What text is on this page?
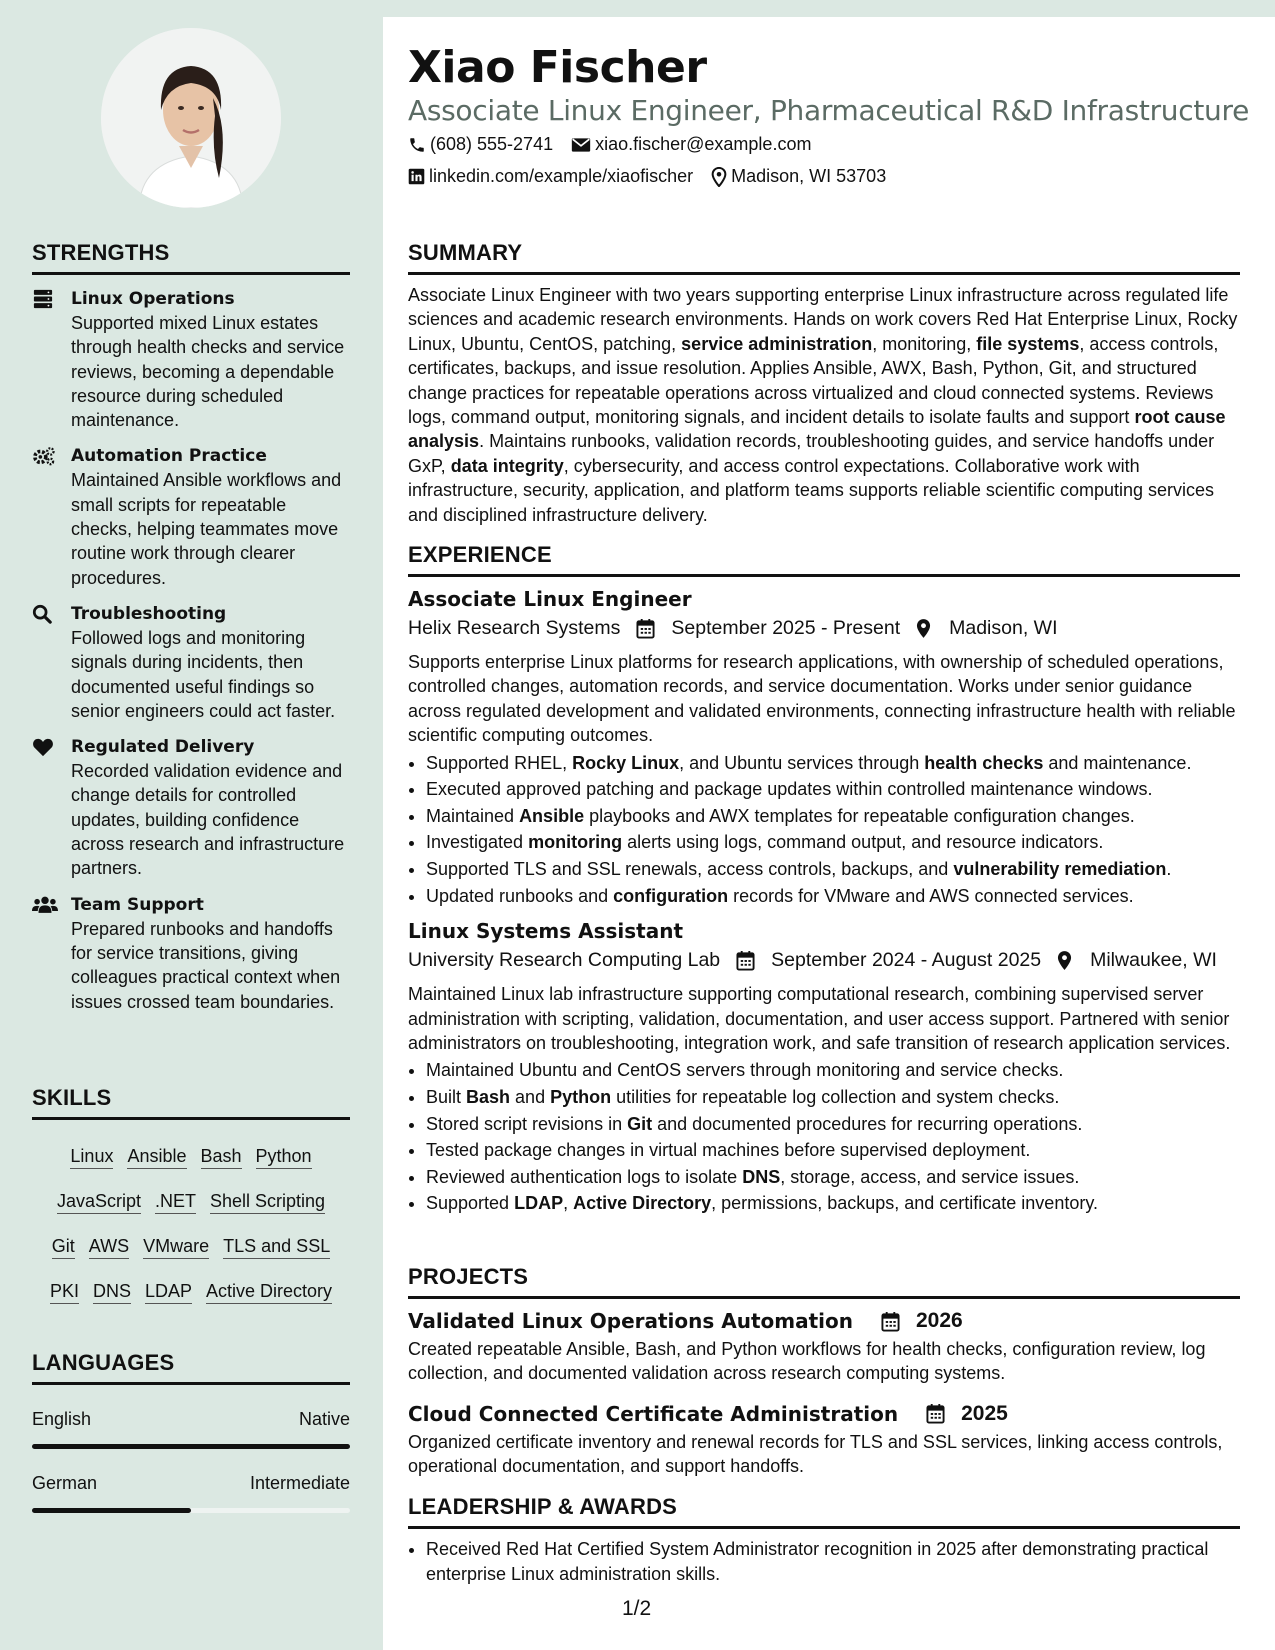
STRENGTHS
Linux Operations
Supported mixed Linux estates through health checks and service reviews, becoming a dependable resource during scheduled maintenance.
Automation Practice
Maintained Ansible workflows and small scripts for repeatable checks, helping teammates move routine work through clearer procedures.
Troubleshooting
Followed logs and monitoring signals during incidents, then documented useful findings so senior engineers could act faster.
Regulated Delivery
Recorded validation evidence and change details for controlled updates, building confidence across research and infrastructure partners.
Team Support
Prepared runbooks and handoffs for service transitions, giving colleagues practical context when issues crossed team boundaries.
SKILLS
Linux Ansible Bash Python
JavaScript .NET Shell Scripting
Git AWS VMware TLS and SSL
PKI DNS LDAP Active Directory
LANGUAGES
English	Native
German	Intermediate
Xiao Fischer
Associate Linux Engineer, Pharmaceutical R&D Infrastructure
(608) 555-2741 xiao.fischer@example.com
linkedin.com/example/xiaofischer Madison, WI 53703
SUMMARY
Associate Linux Engineer with two years supporting enterprise Linux infrastructure across regulated life sciences and academic research environments. Hands on work covers Red Hat Enterprise Linux, Rocky Linux, Ubuntu, CentOS, patching, service administration, monitoring, file systems, access controls, certificates, backups, and issue resolution. Applies Ansible, AWX, Bash, Python, Git, and structured change practices for repeatable operations across virtualized and cloud connected systems. Reviews logs, command output, monitoring signals, and incident details to isolate faults and support root cause analysis. Maintains runbooks, validation records, troubleshooting guides, and service handoffs under GxP, data integrity, cybersecurity, and access control expectations. Collaborative work with infrastructure, security, application, and platform teams supports reliable scientific computing services and disciplined infrastructure delivery.
EXPERIENCE
Associate Linux Engineer
Helix Research Systems	September 2025 - Present	Madison, WI
Supports enterprise Linux platforms for research applications, with ownership of scheduled operations, controlled changes, automation records, and service documentation. Works under senior guidance across regulated development and validated environments, connecting infrastructure health with reliable scientific computing outcomes.
• Supported RHEL, Rocky Linux, and Ubuntu services through health checks and maintenance.
• Executed approved patching and package updates within controlled maintenance windows.
• Maintained Ansible playbooks and AWX templates for repeatable configuration changes.
• Investigated monitoring alerts using logs, command output, and resource indicators.
• Supported TLS and SSL renewals, access controls, backups, and vulnerability remediation.
• Updated runbooks and configuration records for VMware and AWS connected services.
Linux Systems Assistant
University Research Computing Lab	September 2024 - August 2025	Milwaukee, WI
Maintained Linux lab infrastructure supporting computational research, combining supervised server administration with scripting, validation, documentation, and user access support. Partnered with senior administrators on troubleshooting, integration work, and safe transition of research application services.
• Maintained Ubuntu and CentOS servers through monitoring and service checks.
• Built Bash and Python utilities for repeatable log collection and system checks.
• Stored script revisions in Git and documented procedures for recurring operations.
• Tested package changes in virtual machines before supervised deployment.
• Reviewed authentication logs to isolate DNS, storage, access, and service issues.
• Supported LDAP, Active Directory, permissions, backups, and certificate inventory.
PROJECTS
Validated Linux Operations Automation	2026
Created repeatable Ansible, Bash, and Python workflows for health checks, configuration review, log collection, and documented validation across research computing systems.
Cloud Connected Certificate Administration	2025
Organized certificate inventory and renewal records for TLS and SSL services, linking access controls, operational documentation, and support handoffs.
LEADERSHIP & AWARDS
• Received Red Hat Certified System Administrator recognition in 2025 after demonstrating practical enterprise Linux administration skills.
1/2
